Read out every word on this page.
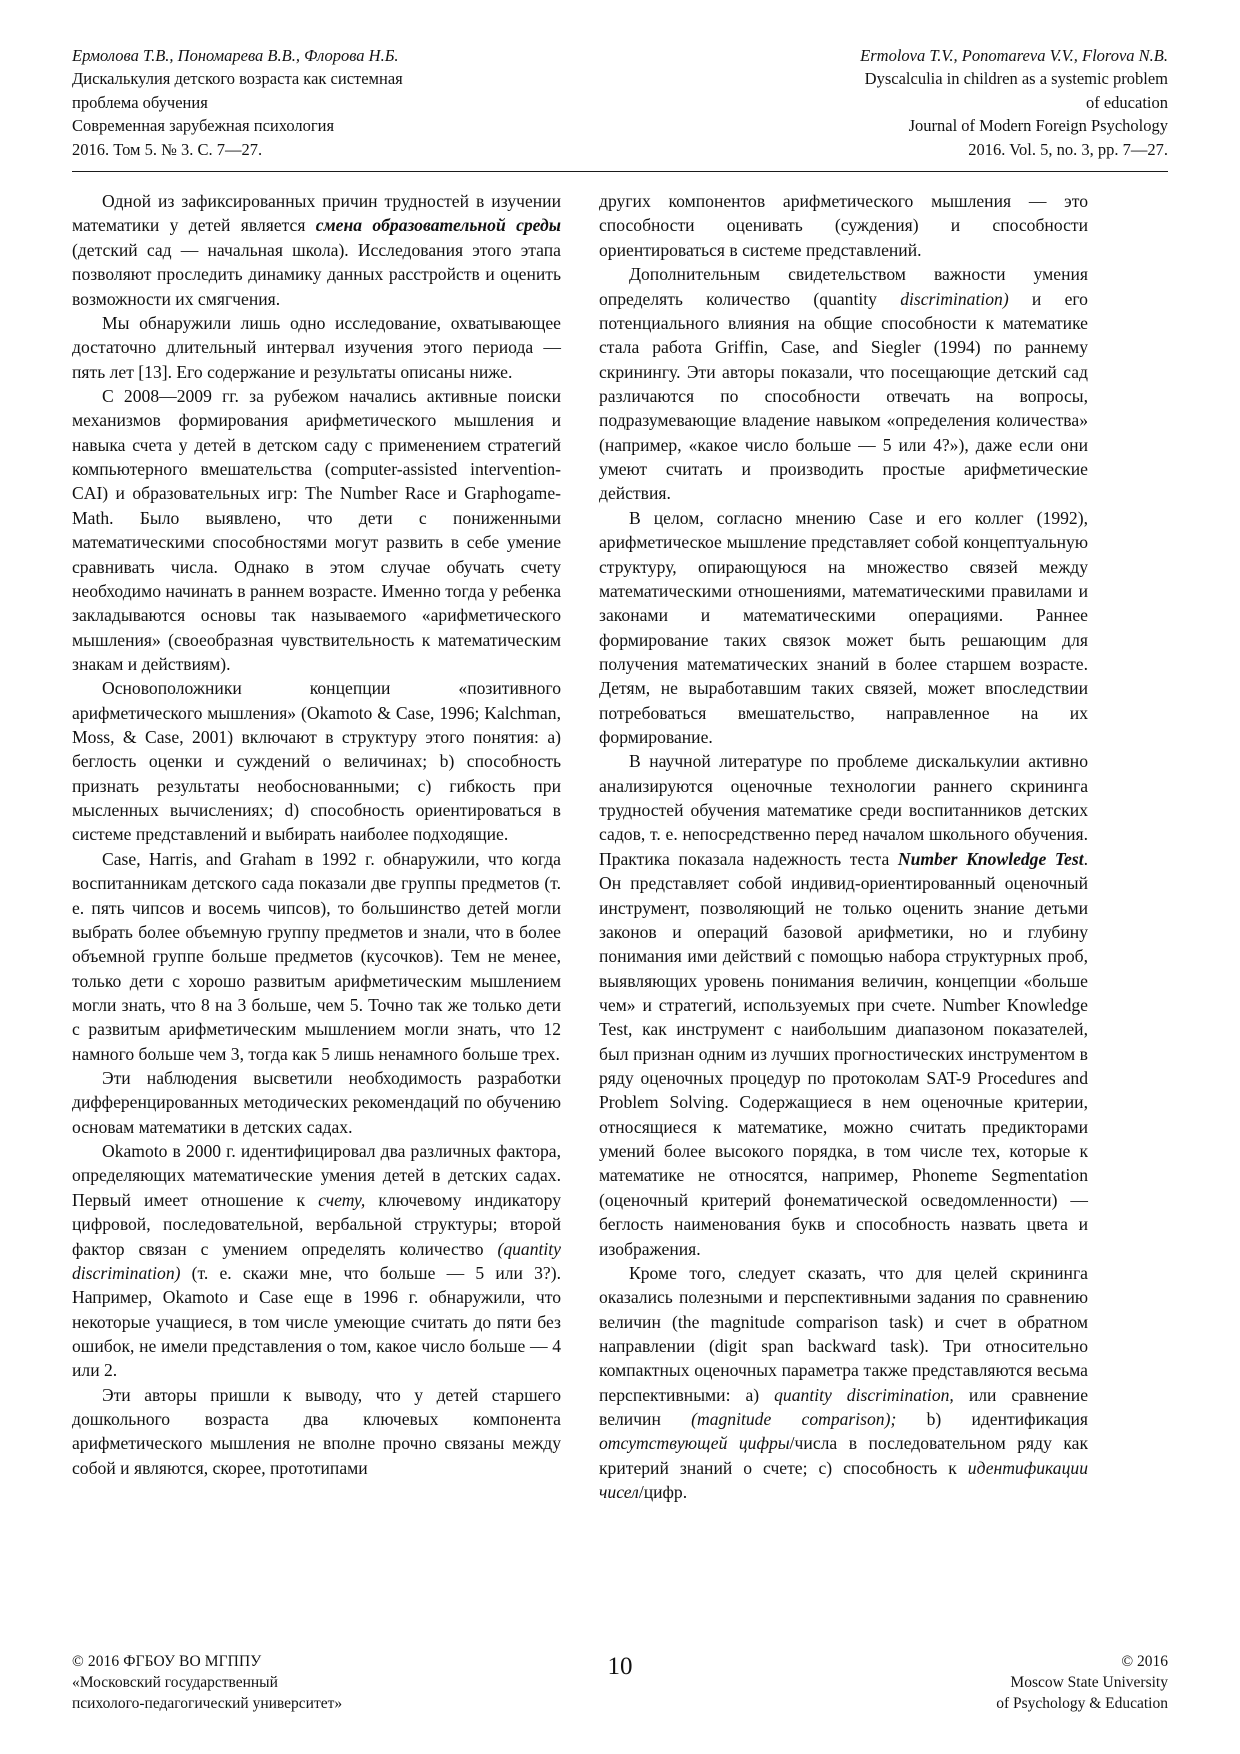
Ермолова Т.В., Пономарева В.В., Флорова Н.Б.
Дискалькулия детского возраста как системная
проблема обучения
Современная зарубежная психология
2016. Том 5. № 3. С. 7—27.
Ermolova T.V., Ponomareva V.V., Florova N.B.
Dyscalculia in children as a systemic problem
of education
Journal of Modern Foreign Psychology
2016. Vol. 5, no. 3, pp. 7—27.

Одной из зафиксированных причин трудностей в изучении математики у детей является смена образовательной среды (детский сад — начальная школа). Исследования этого этапа позволяют проследить динамику данных расстройств и оценить возможности их смягчения.

Мы обнаружили лишь одно исследование, охватывающее достаточно длительный интервал изучения этого периода — пять лет [13]. Его содержание и результаты описаны ниже.

С 2008—2009 гг. за рубежом начались активные поиски механизмов формирования арифметического мышления и навыка счета у детей в детском саду с применением стратегий компьютерного вмешательства (computer-assisted intervention-CAI) и образовательных игр: The Number Race и Graphogame-Math. Было выявлено, что дети с пониженными математическими способностями могут развить в себе умение сравнивать числа. Однако в этом случае обучать счету необходимо начинать в раннем возрасте. Именно тогда у ребенка закладываются основы так называемого «арифметического мышления» (своеобразная чувствительность к математическим знакам и действиям).

Основоположники концепции «позитивного арифметического мышления» (Okamoto & Case, 1996; Kalchman, Moss, & Case, 2001) включают в структуру этого понятия: а) беглость оценки и суждений о величинах; b) способность признать результаты необоснованными; с) гибкость при мысленных вычислениях; d) способность ориентироваться в системе представлений и выбирать наиболее подходящие.

Case, Harris, and Graham в 1992 г. обнаружили, что когда воспитанникам детского сада показали две группы предметов (т. е. пять чипсов и восемь чипсов), то большинство детей могли выбрать более объемную группу предметов и знали, что в более объемной группе больше предметов (кусочков). Тем не менее, только дети с хорошо развитым арифметическим мышлением могли знать, что 8 на 3 больше, чем 5. Точно так же только дети с развитым арифметическим мышлением могли знать, что 12 намного больше чем 3, тогда как 5 лишь ненамного больше трех.

Эти наблюдения высветили необходимость разработки дифференцированных методических рекомендаций по обучению основам математики в детских садах.

Okamoto в 2000 г. идентифицировал два различных фактора, определяющих математические умения детей в детских садах. Первый имеет отношение к счету, ключевому индикатору цифровой, последовательной, вербальной структуры; второй фактор связан с умением определять количество (quantity discrimination) (т. е. скажи мне, что больше — 5 или 3?). Например, Okamoto и Case еще в 1996 г. обнаружили, что некоторые учащиеся, в том числе умеющие считать до пяти без ошибок, не имели представления о том, какое число больше — 4 или 2.

Эти авторы пришли к выводу, что у детей старшего дошкольного возраста два ключевых компонента арифметического мышления не вполне прочно связаны между собой и являются, скорее, прототипами

других компонентов арифметического мышления — это способности оценивать (суждения) и способности ориентироваться в системе представлений.

Дополнительным свидетельством важности умения определять количество (quantity discrimination) и его потенциального влияния на общие способности к математике стала работа Griffin, Case, and Siegler (1994) по раннему скринингу. Эти авторы показали, что посещающие детский сад различаются по способности отвечать на вопросы, подразумевающие владение навыком «определения количества» (например, «какое число больше — 5 или 4?»), даже если они умеют считать и производить простые арифметические действия.

В целом, согласно мнению Case и его коллег (1992), арифметическое мышление представляет собой концептуальную структуру, опирающуюся на множество связей между математическими отношениями, математическими правилами и законами и математическими операциями. Раннее формирование таких связок может быть решающим для получения математических знаний в более старшем возрасте. Детям, не выработавшим таких связей, может впоследствии потребоваться вмешательство, направленное на их формирование.

В научной литературе по проблеме дискалькулии активно анализируются оценочные технологии раннего скрининга трудностей обучения математике среди воспитанников детских садов, т. е. непосредственно перед началом школьного обучения. Практика показала надежность теста Number Knowledge Test. Он представляет собой индивид-ориентированный оценочный инструмент, позволяющий не только оценить знание детьми законов и операций базовой арифметики, но и глубину понимания ими действий с помощью набора структурных проб, выявляющих уровень понимания величин, концепции «больше чем» и стратегий, используемых при счете. Number Knowledge Test, как инструмент с наибольшим диапазоном показателей, был признан одним из лучших прогностических инструментом в ряду оценочных процедур по протоколам SAT-9 Procedures and Problem Solving. Содержащиеся в нем оценочные критерии, относящиеся к математике, можно считать предикторами умений более высокого порядка, в том числе тех, которые к математике не относятся, например, Phoneme Segmentation (оценочный критерий фонематической осведомленности) — беглость наименования букв и способность назвать цвета и изображения.

Кроме того, следует сказать, что для целей скрининга оказались полезными и перспективными задания по сравнению величин (the magnitude comparison task) и счет в обратном направлении (digit span backward task). Три относительно компактных оценочных параметра также представляются весьма перспективными: а) quantity discrimination, или сравнение величин (magnitude comparison); b) идентификация отсутствующей цифры/числа в последовательном ряду как критерий знаний о счете; с) способность к идентификации чисел/цифр.

© 2016 ФГБОУ ВО МГППУ
«Московский государственный
психолого-педагогический университет»
10	© 2016
Moscow State University
of Psychology & Education
